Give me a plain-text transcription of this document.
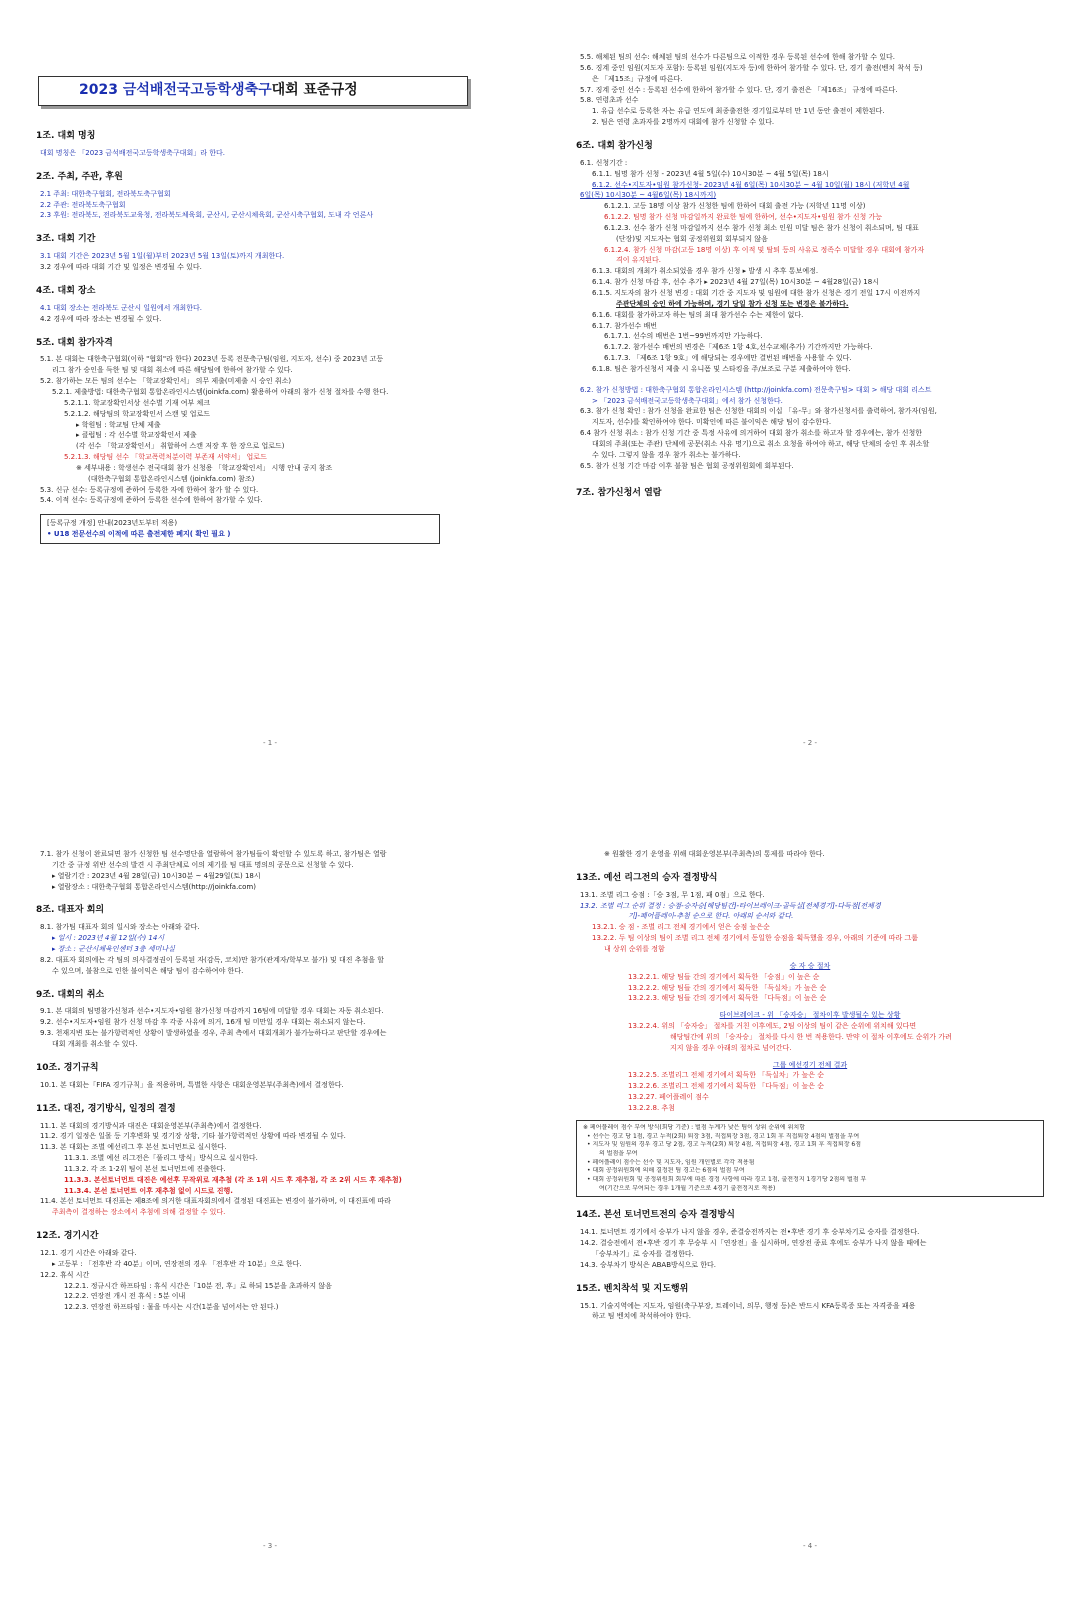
2023 금석배전국고등학생축구 대회 표준규정
1조. 대회 명칭
대회 명칭은 「2023 금석배전국고등학생축구대회」라 한다.
2조. 주최, 주관, 후원
2.1 주최: 대한축구협회, 전라북도축구협회
2.2 주관: 전라북도축구협회
2.3 후원: 전라북도, 전라북도교육청, 전라북도체육회, 군산시, 군산시체육회, 군산시축구협회, 도내 각 언론사
3조. 대회 기간
3.1 대회 기간은 2023년 5월 1일(월)부터 2023년 5월 13일(토)까지 개최한다.
3.2 경우에 따라 대회 기간 및 일정은 변경될 수 있다.
4조. 대회 장소
4.1 대회 장소는 전라북도 군산시 일원에서 개최한다.
4.2 경우에 따라 장소는 변경될 수 있다.
5조. 대회 참가자격
5.1. 본 대회는 대한축구협회(이하 "협회"라 한다) 2023년 등록 전문축구팀(임원, 지도자, 선수) 중 2023년 고등
리그 참가 승인을 득한 팀 및 대회 취소에 따른 해당팀에 한하여 참가할 수 있다.
5.2. 참가하는 모든 팀의 선수는 「학교장확인서」 의무 제출(미제출 시 승인 취소)
5.2.1. 제출방법: 대한축구협회 통합온라인시스템(joinkfa.com) 활용하여 아래의 참가 신청 절차를 수행 한다.
5.2.1.1. 학교장확인서상 선수별 기재 여부 체크
5.2.1.2. 해당팀의 학교장확인서 스캔 및 업로드
▸ 학원팀 : 학교팀 단체 제출
▸ 클럽팀 : 각 선수별 학교장확인서 제출
(각 선수 「학교장확인서」 취합하여 스캔 저장 후 한 장으로 업로드)
5.2.1.3. 해당팀 선수 「학교폭력처분이력 부존재 서약서」 업로드
※ 세부내용 : 학생선수 전국대회 참가 신청용 「학교장확인서」 시행 안내 공지 참조
(대한축구협회 통합온라인시스템 (joinkfa.com) 참조)
5.3. 신규 선수: 등록규정에 준하여 등록한 자에 한하여 참가 할 수 있다.
5.4. 이적 선수: 등록규정에 준하여 등록한 선수에 한하여 참가할 수 있다.
[등록규정 개정] 안내(2023년도부터 적용)
• U18 전문선수의 이적에 따른 출전제한 폐지( 확인 필요 )
- 1 -
5.5. 해체된 팀의 선수: 해체된 팀의 선수가 다른팀으로 이적한 경우 등록된 선수에 한해 참가할 수 있다.
5.6. 징계 중인 임원(지도자 포함): 등록된 임원(지도자 등)에 한하여 참가할 수 있다. 단, 경기 출전(벤치 착석 등)
은 「제15조」규정에 따른다.
5.7. 징계 중인 선수 : 등록된 선수에 한하여 참가할 수 있다. 단, 경기 출전은 「제16조」 규정에 따른다.
5.8. 연령초과 선수
1. 유급 선수로 등록한 자는 유급 연도에 최종출전한 경기일로부터 만 1년 동안 출전이 제한된다.
2. 팀은 연령 초과자를 2명까지 대회에 참가 신청할 수 있다.
6조. 대회 참가신청
6.1. 신청기간 :
6.1.1. 팀명 참가 신청 - 2023년 4월 5일(수) 10시30분 ~ 4월 5일(목) 18시
6.1.2. 선수•지도자•임원 참가신청- 2023년 4월 6일(목) 10시30분 ~ 4월 10일(월) 18시 (저학년 4월
6일(목) 10시30분 ~ 4월6일(목) 18시까지)
6.1.2.1. 고등 18명 이상 참가 신청한 팀에 한하여 대회 출전 가능 (저학년 11명 이상)
6.1.2.2. 팀명 참가 신청 마감일까지 완료한 팀에 한하여, 선수•지도자•임원 참가 신청 가능
6.1.2.3. 선수 참가 신청 마감일까지 선수 참가 신청 최소 인원 미달 팀은 참가 신청이 취소되며, 팀 대표
(단장)및 지도자는 협회 공정위원회 회부되지 않음
6.1.2.4. 참가 신청 마감(고등 18명 이상) 후 이적 및 탈퇴 등의 사유로 정족수 미달할 경우 대회에 참가자
격이 유지된다.
6.1.3. 대회의 개최가 취소되었을 경우 참가 신청 ▸ 발생 시 추후 통보예정.
6.1.4. 참가 신청 마감 후, 선수 추가 ▸ 2023년 4월 27일(목) 10시30분 ~ 4월28일(금) 18시
6.1.5. 지도자의 참가 신청 변경 : 대회 기간 중 지도자 및 임원에 대한 참가 신청은 경기 전일 17시 이전까지
주관단체의 승인 하에 가능하며, 경기 당일 참가 신청 또는 변경은 불가하다.
6.1.6. 대회를 참가하고자 하는 팀의 최대 참가선수 수는 제한이 없다.
6.1.7. 참가선수 배번
6.1.7.1. 선수의 배번은 1번~99번까지만 가능하다.
6.1.7.2. 참가선수 배번의 변경은「제6조 1항 4호,선수교체(추가) 기간까지만 가능하다.
6.1.7.3. 「제6조 1항 9호」에 해당되는 경우에만 결번된 배번을 사용할 수 있다.
6.1.8. 팀은 참가신청서 제출 시 유니폼 및 스타킹을 주/보조로 구분 제출하여야 한다.
6.2. 참가 신청방법 : 대한축구협회 통합온라인시스템 (http://joinkfa.com) 전문축구팀> 대회 > 해당 대회 리스트
> 「2023 금석배전국고등학생축구대회」에서 참가 신청한다.
6.3. 참가 신청 확인 : 참가 신청을 완료한 팀은 신청한 대회의 이십 「유-무」와 참가신청서를 출력하여, 참가자(임원,
지도자, 선수)를 확인하여야 한다. 미확인에 따른 불이익은 해당 팀이 감수한다.
6.4 참가 신청 취소 : 참가 신청 기간 중 특정 사유에 의거하여 대회 참가 취소를 하고자 할 경우에는, 참가 신청한
대회의 주최(또는 주관) 단체에 공문(취소 사유 명기)으로 취소 요청을 하여야 하고, 해당 단체의 승인 후 취소할
수 있다. 그렇지 않을 경우 참가 취소는 불가하다.
6.5. 참가 신청 기간 마감 이후 불참 팀은 협회 공정위원회에 회부된다.
7조. 참가신청서 열람
- 2 -
7.1. 참가 신청이 완료되면 참가 신청한 팀 선수명단을 열람하여 참가팀들이 확인할 수 있도록 하고, 참가팀은 열람
기간 중 규정 위반 선수의 발견 시 주최단체로 이의 제기를 팀 대표 명의의 공문으로 신청할 수 있다.
▸ 열람기간 : 2023년 4월 28일(금) 10시30분 ~ 4월29일(토) 18시
▸ 열람장소 : 대한축구협회 통합온라인시스템(http://joinkfa.com)
8조. 대표자 회의
8.1. 참가팀 대표자 회의 일시와 장소는 아래와 같다.
▸ 일시 : 2023년 4월 12일(수) 14시
▸ 장소 : 군산시체육인센터 3층 세미나실
8.2. 대표자 회의에는 각 팀의 의사결정권이 등록된 자(감독, 코치)만 참가(관계자/학부모 불가) 및 대진 추첨을 할
수 있으며, 불참으로 인한 불이익은 해당 팀이 감수하여야 한다.
9조. 대회의 취소
9.1. 본 대회의 팀명참가신청과 선수•지도자•임원 참가신청 마감까지 16팀에 미달할 경우 대회는 자동 취소된다.
9.2. 선수•지도자•임원 참가 신청 마감 후 각종 사유에 의거, 16개 팀 미만일 경우 대회는 취소되지 않는다.
9.3. 천재지변 또는 불가항력적인 상황이 발생하였을 경우, 주최 측에서 대회개최가 불가능하다고 판단할 경우에는
대회 개최를 취소할 수 있다.
10조. 경기규칙
10.1. 본 대회는「FIFA 경기규칙」을 적용하며, 특별한 사항은 대회운영본부(주최측)에서 결정한다.
11조. 대진, 경기방식, 일정의 결정
11.1. 본 대회의 경기방식과 대진은 대회운영본부(주최측)에서 결정한다.
11.2. 경기 일정은 일몰 등 기후변화 및 경기장 상황, 기타 불가항력적인 상황에 따라 변경될 수 있다.
11.3. 본 대회는 조별 예선리그 후 본선 토너먼트로 실시한다.
11.3.1. 조별 예선 리그전은「풀리그 방식」방식으로 실시한다.
11.3.2. 각 조 1·2위 팀이 본선 토너먼트에 진출한다.
11.3.3. 본선토너먼트 대진은 예선후 무작위로 재추첨 (각 조 1위 시드 후 재추첨, 각 조 2위 시드 후 재추첨)
11.3.4. 본선 토너먼트 이후 재추첨 없이 시드로 진행.
11.4. 본선 토너먼트 대진표는 제8조에 의거한 대표자회의에서 결정된 대진표는 변경이 불가하며, 이 대진표에 따라
주최측이 결정하는 장소에서 추첨에 의해 결정할 수 있다.
12조. 경기시간
12.1. 경기 시간은 아래와 같다.
▸ 고등부 : 「전후반 각 40분」이며, 연장전의 경우 「전후반 각 10분」으로 한다.
12.2. 휴식 시간
12.2.1. 정규시간 하프타임 : 휴식 시간은「10분 전, 후」로 하되 15분을 초과하지 않음
12.2.2. 연장전 개시 전 휴식 : 5분 이내
12.2.3. 연장전 하프타임 : 물을 마시는 시간(1분을 넘어서는 안 된다.)
- 3 -
※ 원활한 경기 운영을 위해 대회운영본부(주최측)의 통제를 따라야 한다.
13조. 예선 리그전의 승자 결정방식
13.1. 조별 리그 승점 :「승 3점, 무 1점, 패 0점」으로 한다.
13.2. 조별 리그 순위 결정 : 승점-승자승[해당팀간]-타이브레이크-골득실[전체경기]-다득점[전체경
기]-페어플레이-추첨 순으로 한다. 아래의 순서와 같다.
13.2.1. 승 점 - 조별 리그 전체 경기에서 얻은 승점 높은순
13.2.2. 두 팀 이상의 팀이 조별 리그 전체 경기에서 동일한 승점을 획득했을 경우, 아래의 기준에 따라 그룹
내 상위 순위를 정함
승 자 승 절차
13.2.2.1. 해당 팀들 간의 경기에서 획득한 「승점」이 높은 순
13.2.2.2. 해당 팀들 간의 경기에서 획득한 「득실차」가 높은 순
13.2.2.3. 해당 팀들 간의 경기에서 획득한 「다득점」이 높은 순
타이브레이크 - 위 「승자승」 절차이후 발생될수 있는 상황
13.2.2.4. 위의 「승자승」 절차를 거친 이후에도, 2팀 이상의 팀이 같은 순위에 위치해 있다면
해당팀간에 위의 「승자승」 절차를 다시 한 번 적용한다. 만약 이 절차 이후에도 순위가 가려
지지 않을 경우 아래의 절차로 넘어간다.
그룹 예선경기 전체 결과
13.2.2.5. 조별리그 전체 경기에서 획득한 「득실차」가 높은 순
13.2.2.6. 조별리그 전체 경기에서 획득한 「다득점」이 높은 순
13.2.27. 페어플레이 점수
13.2.2.8. 추첨
※ 페어플레이 점수 부여 방식(회당 기준) : 벌점 누계가 낮은 팀이 상위 순위에 위치함
• 선수는 경고 당 1점, 경고 누적(2회) 퇴장 3점, 직접퇴장 3점, 경고 1회 후 직접퇴장 4점의 벌점을 부여
• 지도자 및 임원의 경우 경고 당 2점, 경고 누적(2회) 퇴장 4점, 직접퇴장 4점, 경고 1회 후 직접퇴장 6점
의 벌점을 부여
• 페어플레이 점수는 선수 및 지도자, 임원 개인별로 각각 적용됨
• 대회 공정위원회에 의해 결정된 팀 경고는 6점의 벌점 부여
• 대회 공정위원회 및 공정위원회 회부에 따른 경정 사항에 따라 경고 1점, 출전정지 1경기당 2점의 벌점 부
여(기간으로 부여되는 경우 1개월 기준으로 4경기 출전정지로 적용)
14조. 본선 토너먼트전의 승자 결정방식
14.1. 토너먼트 경기에서 승부가 나지 않을 경우, 준결승전까지는 전•후반 경기 후 승부차기로 승자를 결정한다.
14.2. 결승전에서 전•후반 경기 후 무승부 시「연장전」을 실시하며, 연장전 종료 후에도 승부가 나지 않을 때에는
「승부차기」로 승자를 결정한다.
14.3. 승부차기 방식은 ABAB방식으로 한다.
15조. 벤치착석 및 지도행위
15.1. 기술지역에는 지도자, 임원(축구부장, 트레이너, 의무, 행정 등)은 반드시 KFA등록증 또는 자격증을 패용
하고 팀 벤치에 착석하여야 한다.
- 4 -
